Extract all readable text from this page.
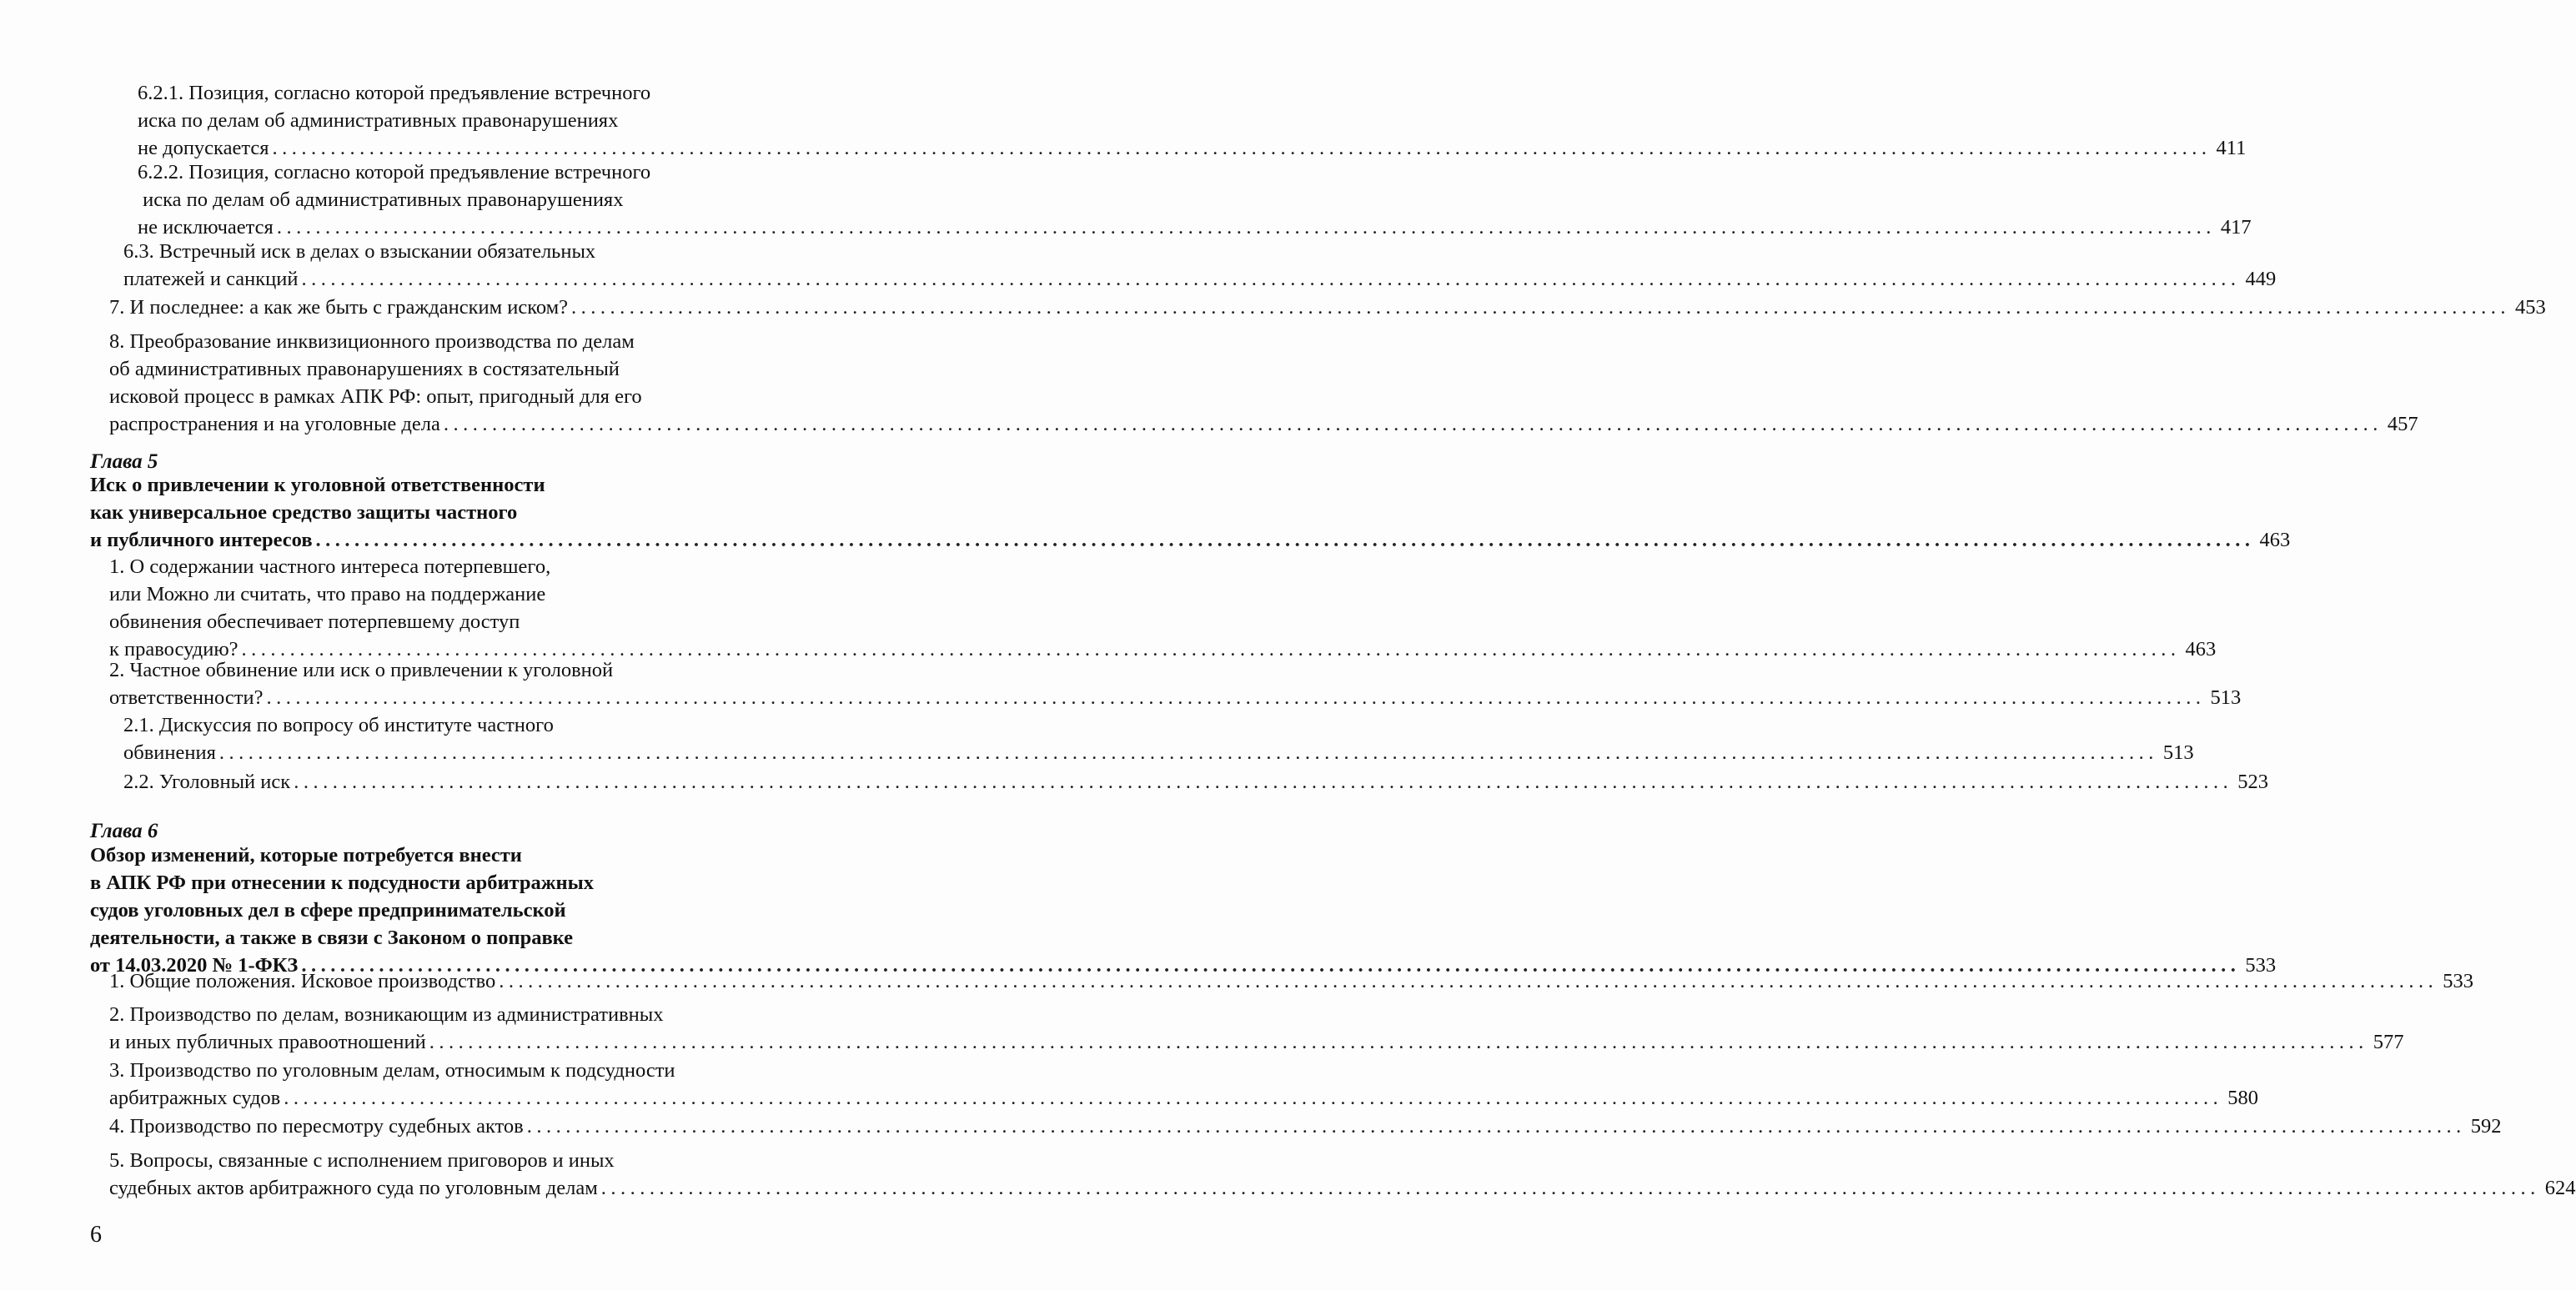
6.2.1. Позиция, согласно которой предъявление встречного
иска по делам об административных правонарушениях
не допускается ........................................................................................................................................................................................................ 411
6.2.2. Позиция, согласно которой предъявление встречного
иска по делам об административных правонарушениях
не исключается ........................................................................................................................................................................................................ 417
6.3. Встречный иск в делах о взыскании обязательных
платежей и санкций ........................................................................................................................................................................................................ 449
7. И последнее: а как же быть с гражданским иском? ........................................................................................................................................................................................................ 453
8. Преобразование инквизиционного производства по делам
об административных правонарушениях в состязательный
исковой процесс в рамках АПК РФ: опыт, пригодный для его
распространения и на уголовные дела ........................................................................................................................................................................................................ 457
Глава 5
Иск о привлечении к уголовной ответственности
как универсальное средство защиты частного
и публичного интересов ........................................................................................................................................................................................................ 463
1. О содержании частного интереса потерпевшего,
или Можно ли считать, что право на поддержание
обвинения обеспечивает потерпевшему доступ
к правосудию? ........................................................................................................................................................................................................ 463
2. Частное обвинение или иск о привлечении к уголовной
ответственности? ........................................................................................................................................................................................................ 513
2.1. Дискуссия по вопросу об институте частного
обвинения ........................................................................................................................................................................................................ 513
2.2. Уголовный иск ........................................................................................................................................................................................................ 523
Глава 6
Обзор изменений, которые потребуется внести
в АПК РФ при отнесении к подсудности арбитражных
судов уголовных дел в сфере предпринимательской
деятельности, а также в связи с Законом о поправке
от 14.03.2020 № 1-ФКЗ ........................................................................................................................................................................................................ 533
1. Общие положения. Исковое производство ........................................................................................................................................................................................................ 533
2. Производство по делам, возникающим из административных
и иных публичных правоотношений ........................................................................................................................................................................................................ 577
3. Производство по уголовным делам, относимым к подсудности
арбитражных судов ........................................................................................................................................................................................................ 580
4. Производство по пересмотру судебных актов ........................................................................................................................................................................................................ 592
5. Вопросы, связанные с исполнением приговоров и иных
судебных актов арбитражного суда по уголовным делам ........................................................................................................................................................................................................ 624
6
